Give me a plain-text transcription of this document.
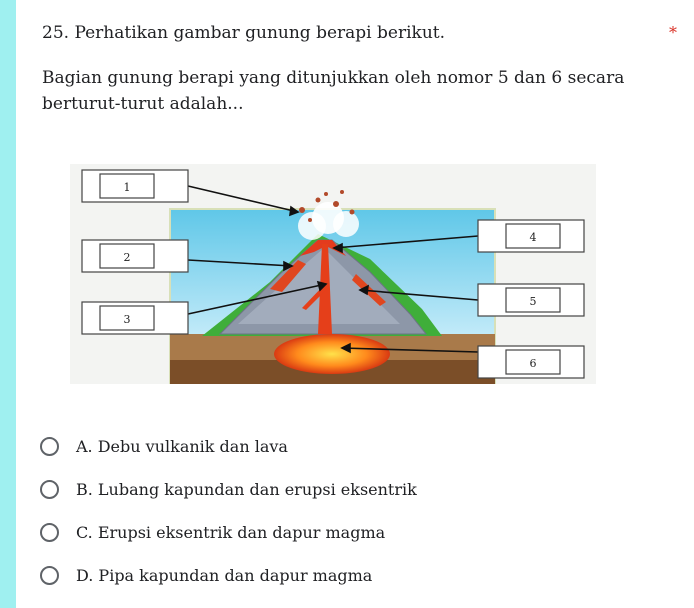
25. Perhatikan gambar gunung berapi berikut.	*
Bagian gunung berapi yang ditunjukkan oleh nomor 5 dan 6 secara berturut-turut adalah...
1
2
3
4
5
6
A. Debu vulkanik dan lava
B. Lubang kapundan dan erupsi eksentrik
C. Erupsi eksentrik dan dapur magma
D. Pipa kapundan dan dapur magma
